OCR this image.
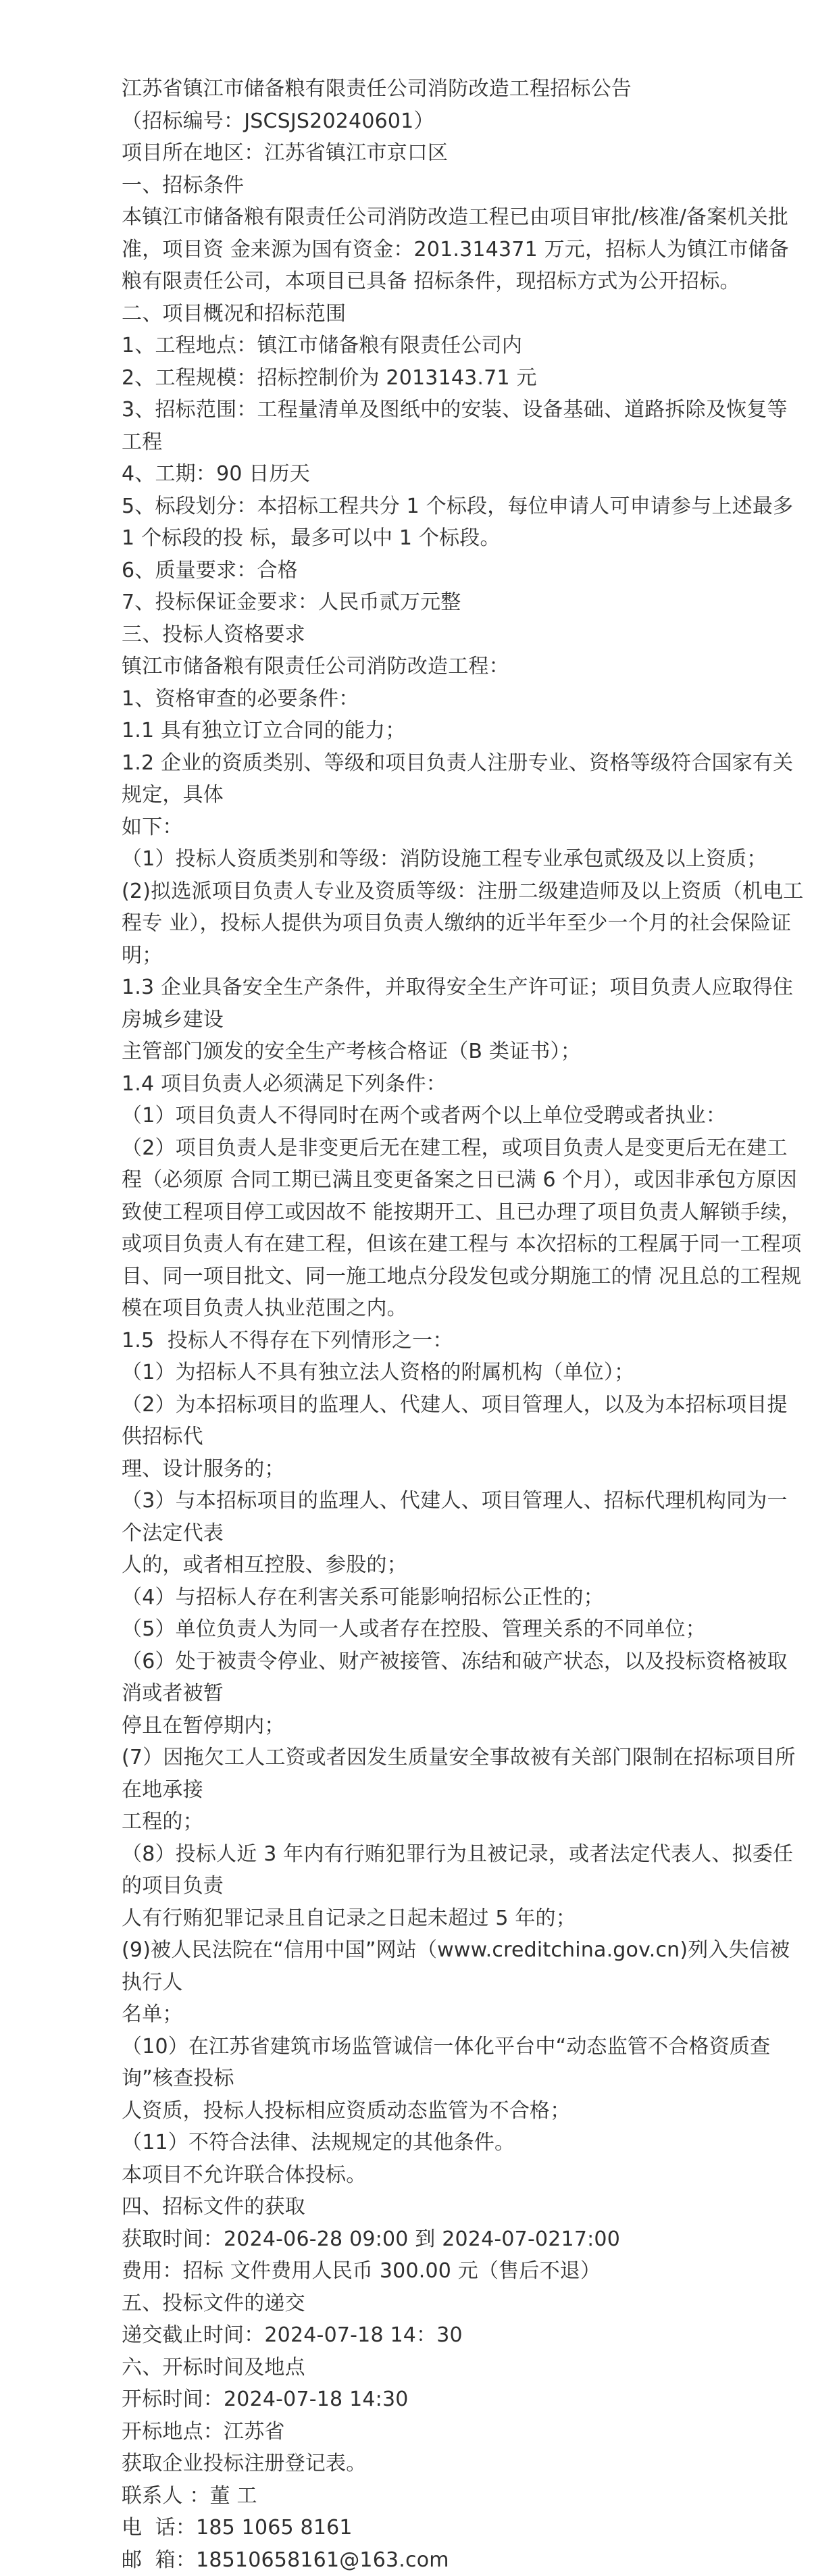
江苏省镇江市储备粮有限责任公司消防改造工程招标公告

（招标编号：JSCSJS20240601）

项目所在地区：江苏省镇江市京口区

一、招标条件

本镇江市储备粮有限责任公司消防改造工程已由项目审批/核准/备案机关批准，项目资 金来源为国有资金：201.314371 万元，招标人为镇江市储备粮有限责任公司，本项目已具备 招标条件，现招标方式为公开招标。

二、项目概况和招标范围

1、工程地点：镇江市储备粮有限责任公司内

2、工程规模：招标控制价为 2013143.71 元

3、招标范围：工程量清单及图纸中的安装、设备基础、道路拆除及恢复等工程

4、工期：90 日历天

5、标段划分：本招标工程共分 1 个标段，每位申请人可申请参与上述最多 1 个标段的投 标，最多可以中 1 个标段。

6、质量要求：合格

7、投标保证金要求：人民币贰万元整

三、投标人资格要求

镇江市储备粮有限责任公司消防改造工程：

1、资格审查的必要条件：

1.1 具有独立订立合同的能力；

1.2 企业的资质类别、等级和项目负责人注册专业、资格等级符合国家有关规定，具体

如下：

（1）投标人资质类别和等级：消防设施工程专业承包贰级及以上资质；

(2)拟选派项目负责人专业及资质等级：注册二级建造师及以上资质（机电工程专 业），投标人提供为项目负责人缴纳的近半年至少一个月的社会保险证明；

1.3 企业具备安全生产条件，并取得安全生产许可证；项目负责人应取得住房城乡建设

主管部门颁发的安全生产考核合格证（B 类证书）；

1.4 项目负责人必须满足下列条件：

（1）项目负责人不得同时在两个或者两个以上单位受聘或者执业：

（2）项目负责人是非变更后无在建工程，或项目负责人是变更后无在建工程（必须原 合同工期已满且变更备案之日已满 6 个月），或因非承包方原因致使工程项目停工或因故不 能按期开工、且已办理了项目负责人解锁手续，或项目负责人有在建工程，但该在建工程与 本次招标的工程属于同一工程项目、同一项目批文、同一施工地点分段发包或分期施工的情 况且总的工程规模在项目负责人执业范围之内。

1.5  投标人不得存在下列情形之一：

（1）为招标人不具有独立法人资格的附属机构（单位）；

（2）为本招标项目的监理人、代建人、项目管理人，以及为本招标项目提供招标代

理、设计服务的；

（3）与本招标项目的监理人、代建人、项目管理人、招标代理机构同为一个法定代表

人的，或者相互控股、参股的；

（4）与招标人存在利害关系可能影响招标公正性的；

（5）单位负责人为同一人或者存在控股、管理关系的不同单位；

（6）处于被责令停业、财产被接管、冻结和破产状态，以及投标资格被取消或者被暂

停且在暂停期内；

(7）因拖欠工人工资或者因发生质量安全事故被有关部门限制在招标项目所在地承接

工程的；

（8）投标人近 3 年内有行贿犯罪行为且被记录，或者法定代表人、拟委任的项目负责

人有行贿犯罪记录且自记录之日起未超过 5 年的；

(9)被人民法院在“信用中国”网站（www.creditchina.gov.cn)列入失信被执行人

名单；

（10）在江苏省建筑市场监管诚信一体化平台中“动态监管不合格资质查询”核查投标

人资质，投标人投标相应资质动态监管为不合格；

（11）不符合法律、法规规定的其他条件。

本项目不允许联合体投标。

四、招标文件的获取

获取时间：2024-06-28 09:00 到 2024-07-0217:00

费用：招标 文件费用人民币 300.00 元（售后不退）

五、投标文件的递交

递交截止时间：2024-07-18 14：30

六、开标时间及地点

开标时间：2024-07-18 14:30

开标地点：江苏省

获取企业投标注册登记表。

联系人 ：董 工

电  话：185 1065 8161

邮  箱：18510658161@163.com
